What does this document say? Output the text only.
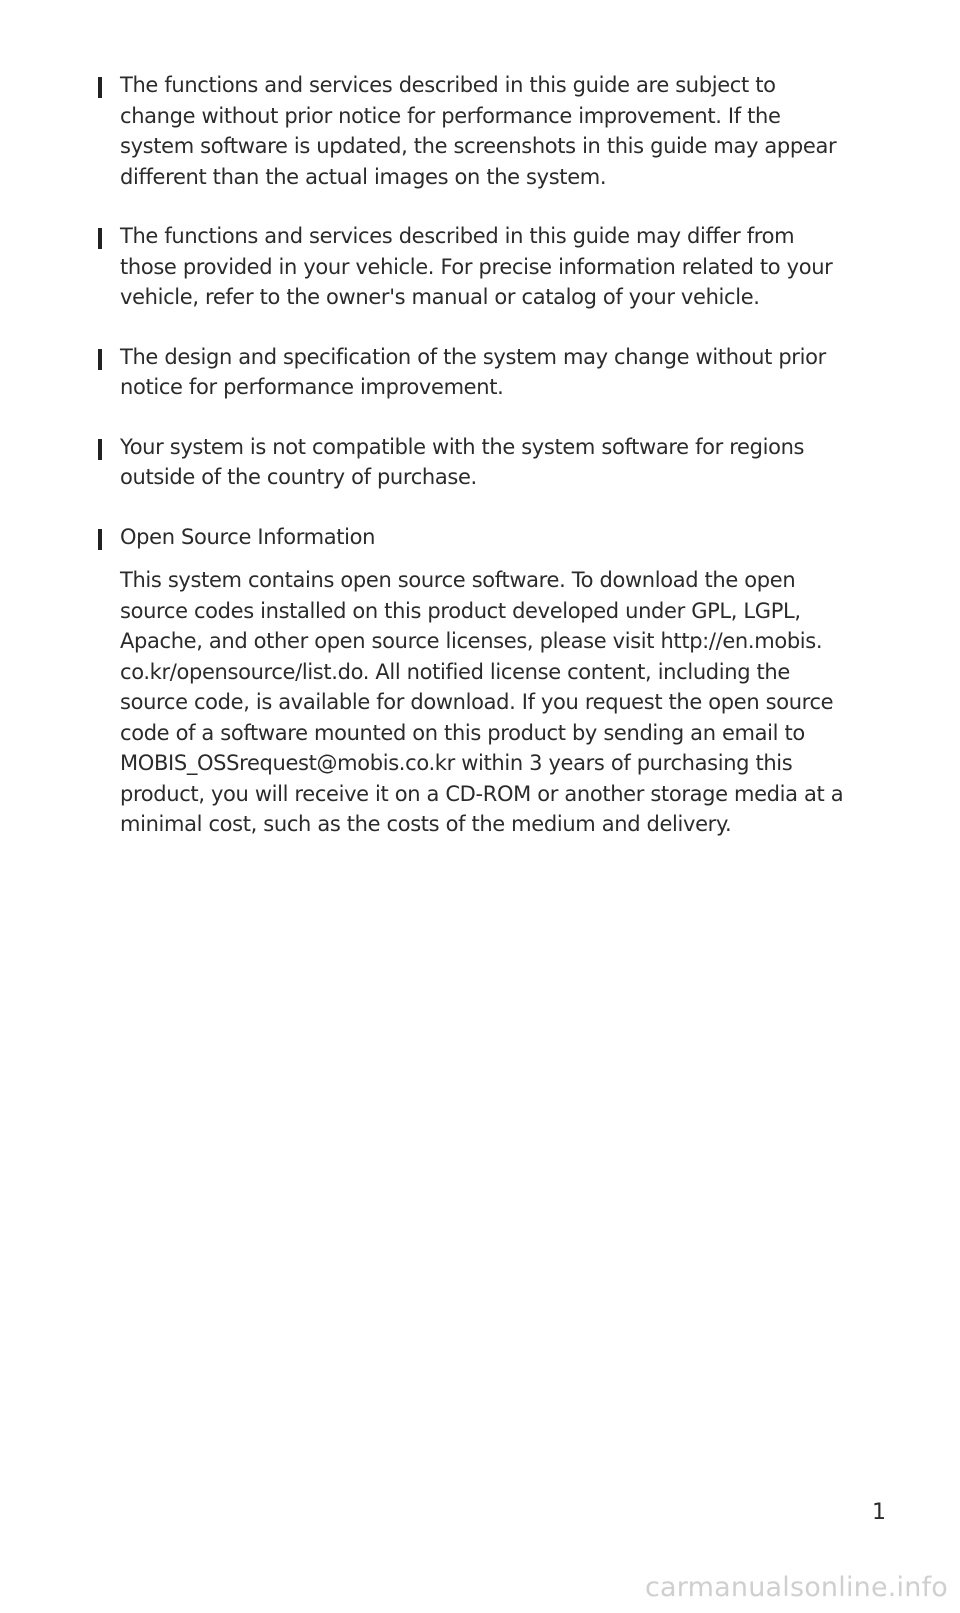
The functions and services described in this guide are subject to
change without prior notice for performance improvement. If the
system software is updated, the screenshots in this guide may appear
different than the actual images on the system.

The functions and services described in this guide may differ from
those provided in your vehicle. For precise information related to your
vehicle, refer to the owner's manual or catalog of your vehicle.

The design and specification of the system may change without prior
notice for performance improvement.

Your system is not compatible with the system software for regions
outside of the country of purchase.

Open Source Information

This system contains open source software. To download the open
source codes installed on this product developed under GPL, LGPL,
Apache, and other open source licenses, please visit http://en.mobis.
co.kr/opensource/list.do. All notified license content, including the
source code, is available for download. If you request the open source
code of a software mounted on this product by sending an email to
MOBIS_OSSrequest@mobis.co.kr within 3 years of purchasing this
product, you will receive it on a CD-ROM or another storage media at a
minimal cost, such as the costs of the medium and delivery.
1
carmanualsonline.info
